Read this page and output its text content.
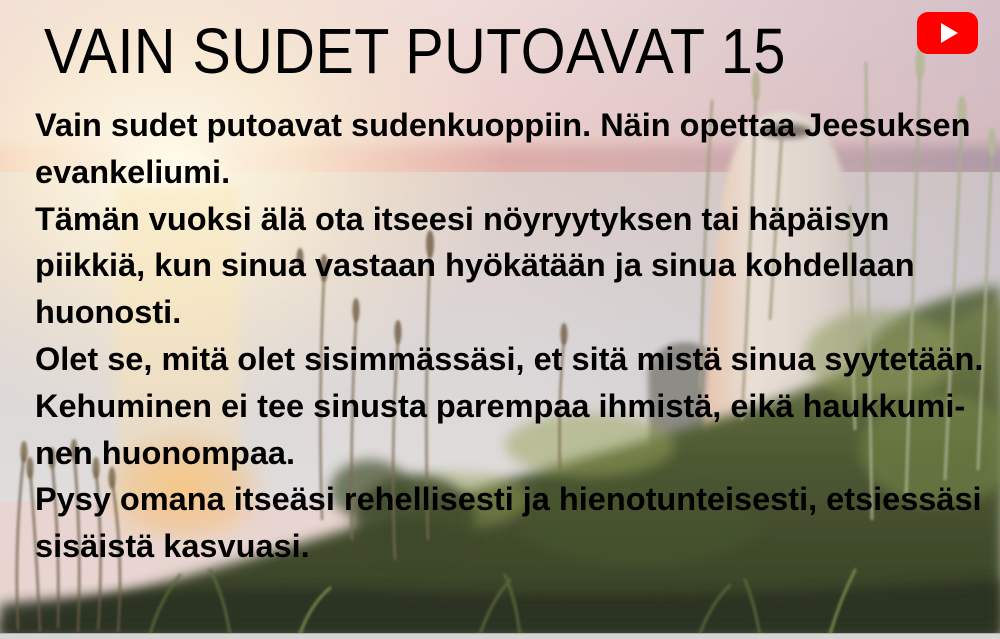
VAIN SUDET PUTOAVAT 15
Vain sudet putoavat sudenkuoppiin. Näin opettaa Jeesuksen
evankeliumi.
Tämän vuoksi älä ota itseesi nöyryytyksen tai häpäisyn
piikkiä, kun sinua vastaan hyökätään ja sinua kohdellaan
huonosti.
Olet se, mitä olet sisimmässäsi, et sitä mistä sinua syytetään.
Kehuminen ei tee sinusta parempaa ihmistä, eikä haukkumi-
nen huonompaa.
Pysy omana itseäsi rehellisesti ja hienotunteisesti, etsiessäsi
sisäistä kasvuasi.
